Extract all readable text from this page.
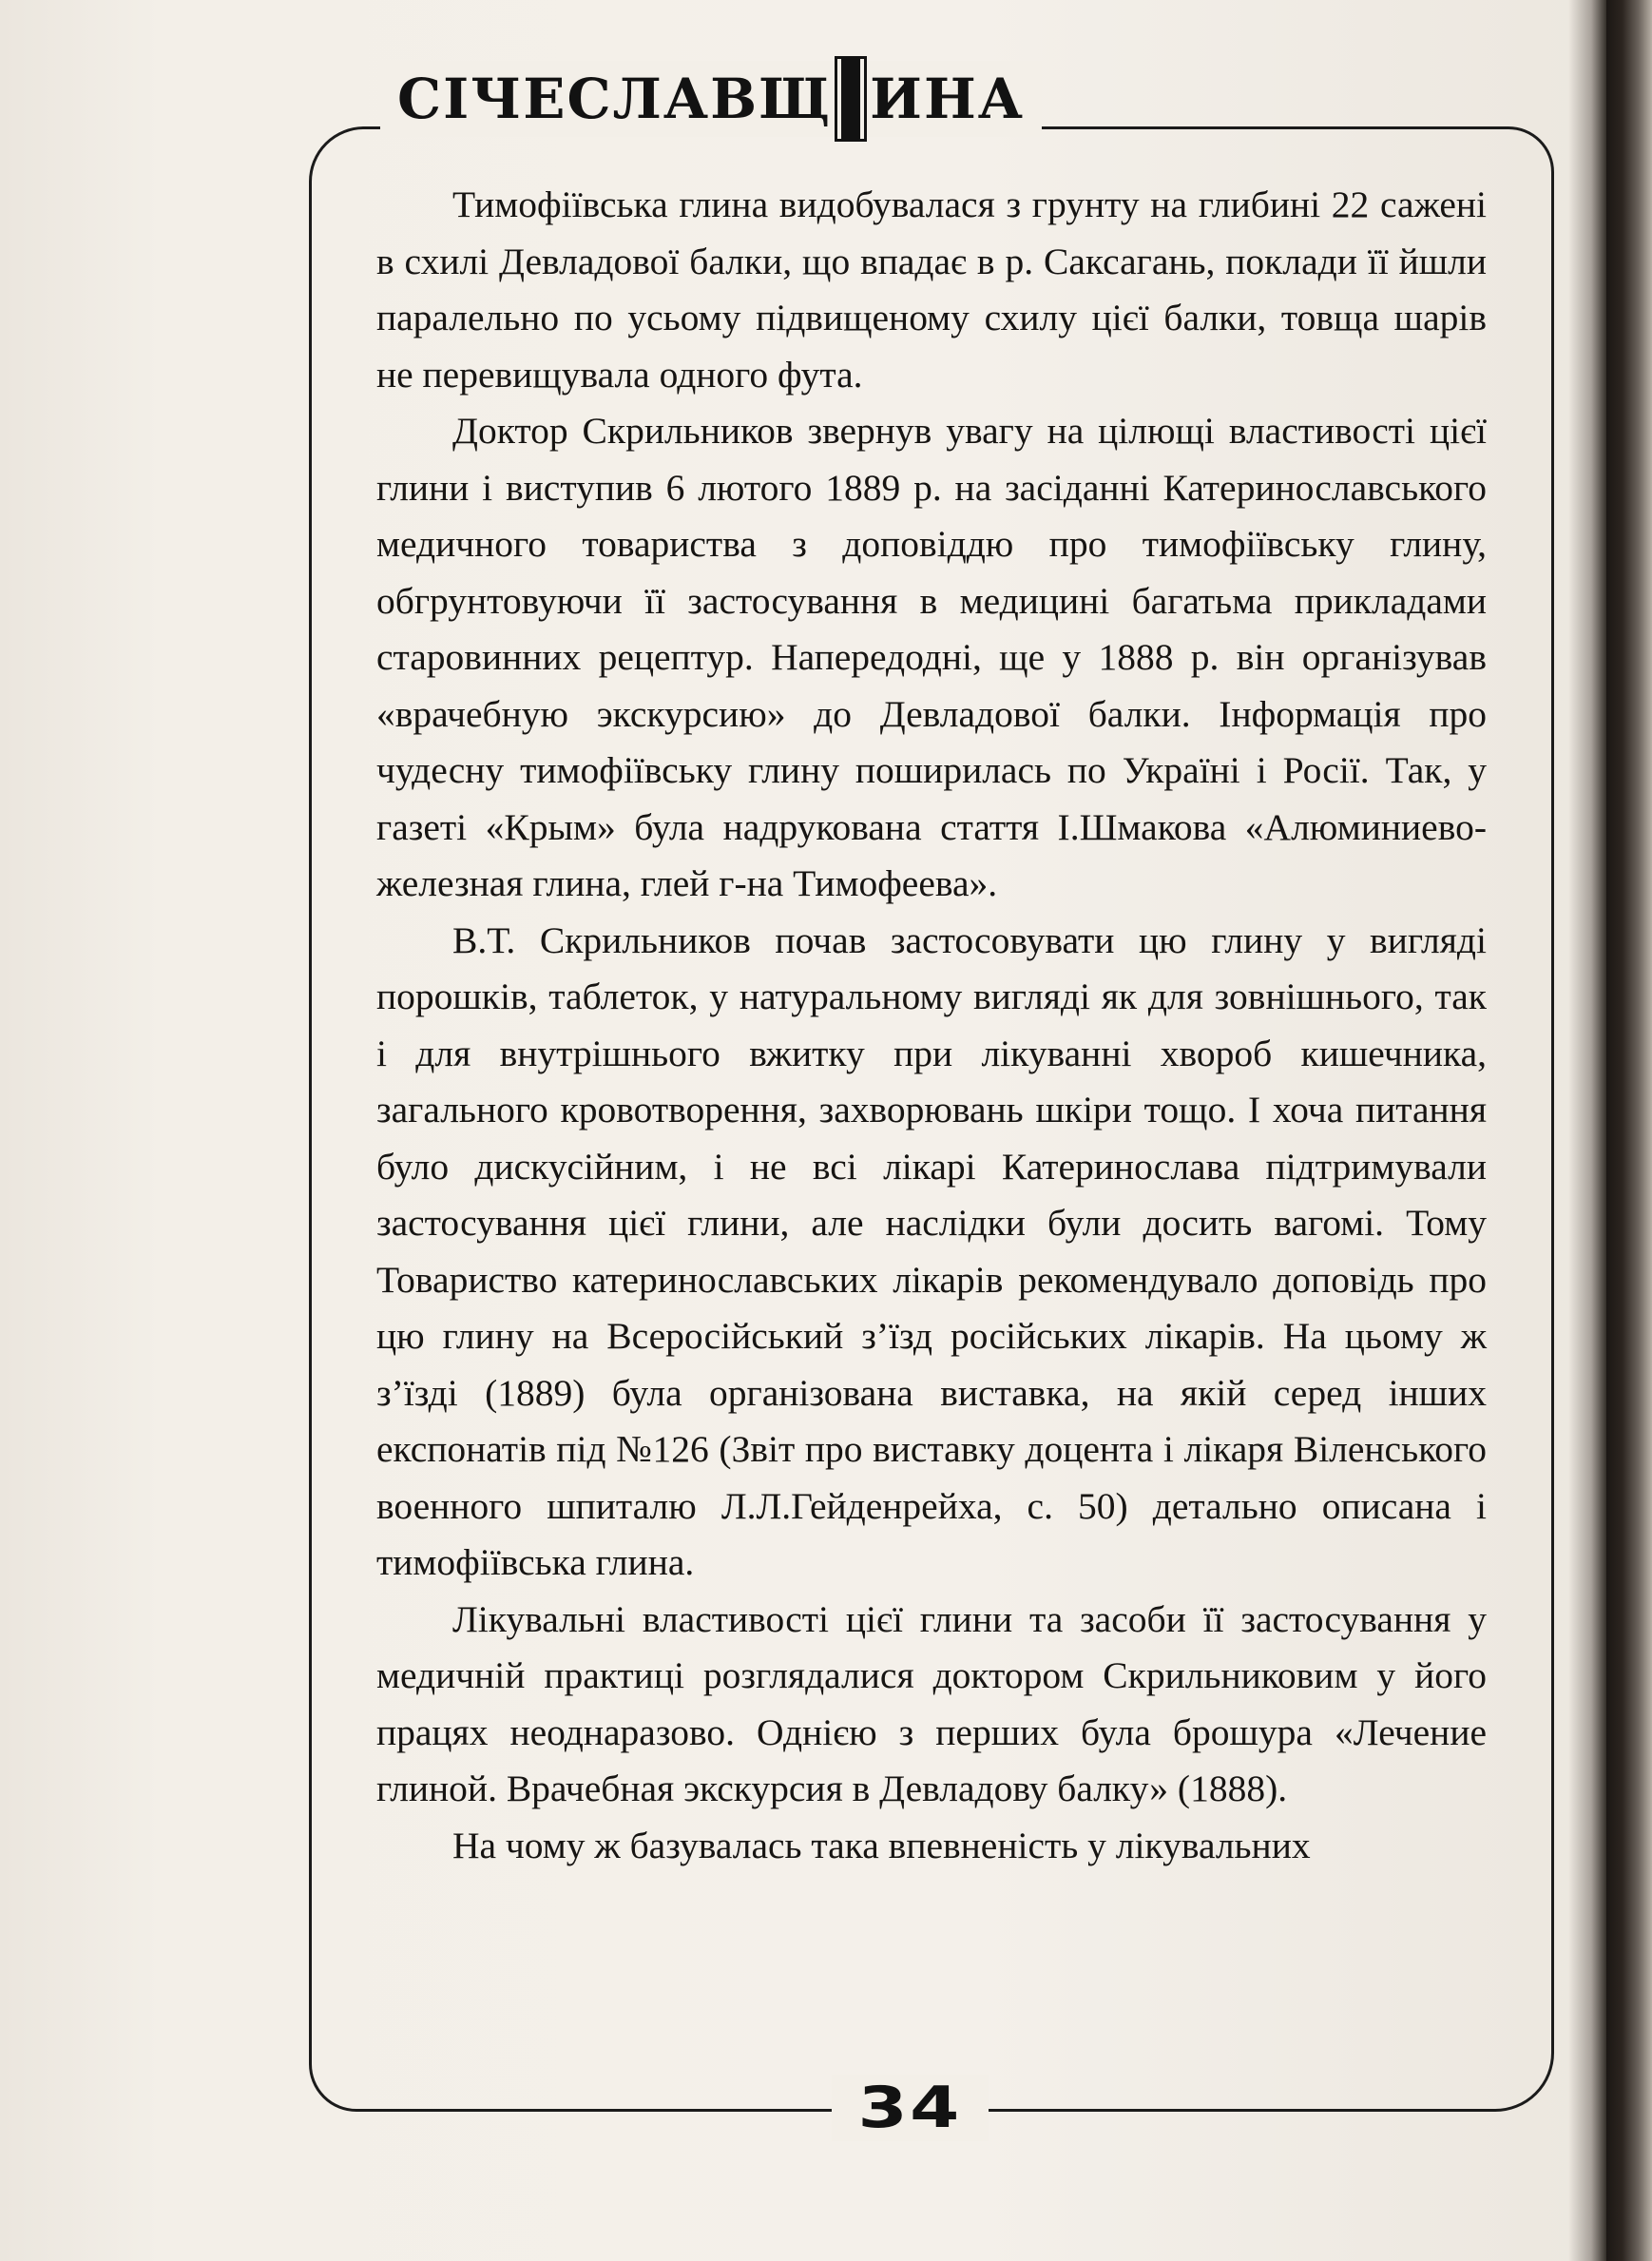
СІЧЕСЛАВЩ ИНА

Тимофіївська глина видобувалася з грунту на глибині 22 сажені в схилі Девладової балки, що впадає в р. Саксагань, поклади її йшли паралельно по усьому підвищеному схилу цієї балки, товща шарів не перевищувала одного фута.

Доктор Скрильников звернув увагу на цілющі властивості цієї глини і виступив 6 лютого 1889 р. на засіданні Катеринославського медичного товариства з доповіддю про тимофіївську глину, обгрунтовуючи її застосування в медицині багатьма прикладами старовинних рецептур. Напередодні, ще у 1888 р. він організував «врачебную экскурсию» до Девладової балки. Інформація про чудесну тимофіївську глину поширилась по Україні і Росії. Так, у газеті «Крым» була надрукована стаття І.Шмакова «Алюминиево-железная глина, глей г-на Тимофеева».

В.Т. Скрильников почав застосовувати цю глину у вигляді порошків, таблеток, у натуральному вигляді як для зовнішнього, так і для внутрішнього вжитку при лікуванні хвороб кишечника, загального кровотворення, захворювань шкіри тощо. І хоча питання було дискусійним, і не всі лікарі Катеринослава підтримували застосування цієї глини, але наслідки були досить вагомі. Тому Товариство катеринославських лікарів рекомендувало доповідь про цю глину на Всеросійський з’їзд російських лікарів. На цьому ж з’їзді (1889) була організована виставка, на якій серед інших експонатів під №126 (Звіт про виставку доцента і лікаря Віленського военного шпиталю Л.Л.Гейденрейха, с. 50) детально описана і тимофіївська глина.

Лікувальні властивості цієї глини та засоби її застосування у медичній практиці розглядалися доктором Скрильниковим у його працях неоднаразово. Однією з перших була брошура «Лечение глиной. Врачебная экскурсия в Девладову балку» (1888).

На чому ж базувалась така впевненість у лікувальних

34
